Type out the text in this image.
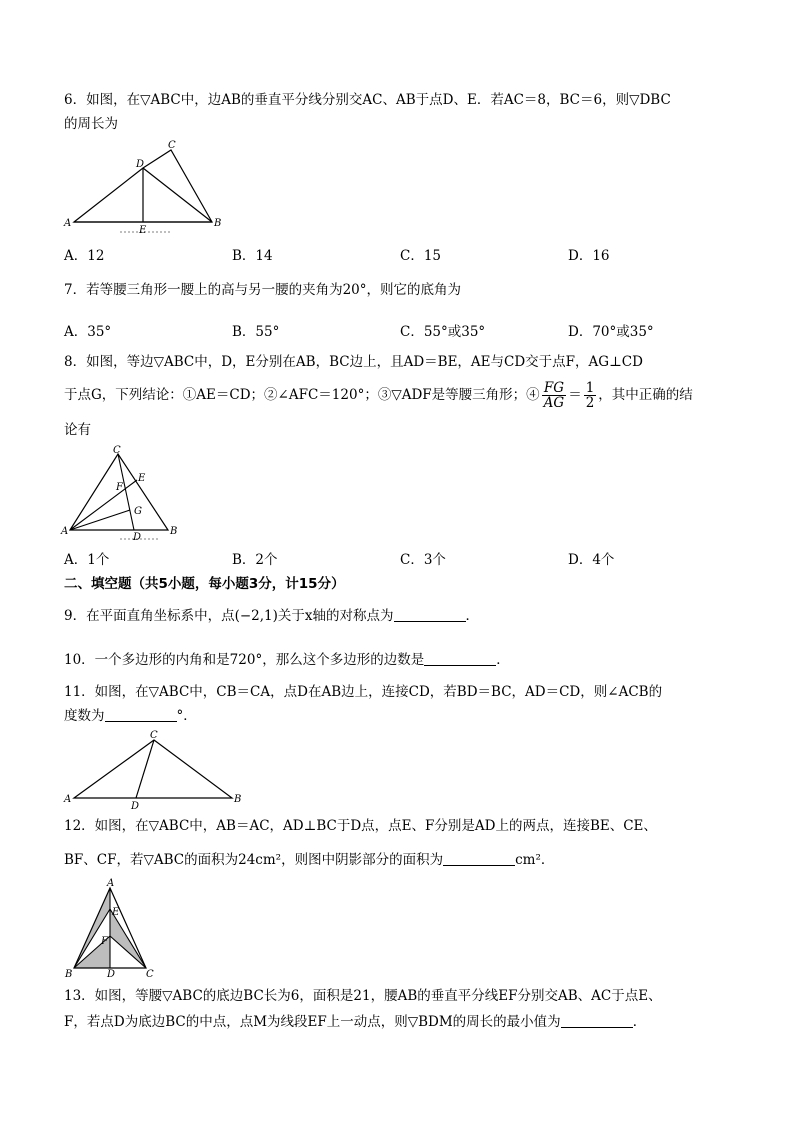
6．如图，在▽ABC中，边AB的垂直平分线分别交AC、AB于点D、E．若AC＝8，BC＝6，则▽DBC
的周长为
A	B
C
D
E
A．12	B．14	C．15	D．16
7．若等腰三角形一腰上的高与另一腰的夹角为20°，则它的底角为
A．35°	B．55°	C．55°或35°	D．70°或35°
8．如图，等边▽ABC中，D，E分别在AB，BC边上，且AD＝BE，AE与CD交于点F，AG⊥CD
于点G，下列结论：①AE＝CD；②∠AFC＝120°；③▽ADF是等腰三角形；④ $\frac{FG}{AG} = \frac{1}{2}$ ，其中正确的结
论有
A	B
C
D
E
F
G
A．1个	B．2个	C．3个	D．4个
二、填空题（共5小题，每小题3分，计15分）
9．在平面直角坐标系中，点(−2,1)关于x轴的对称点为	．
10．一个多边形的内角和是720°，那么这个多边形的边数是	．
11．如图，在▽ABC中，CB＝CA，点D在AB边上，连接CD，若BD＝BC，AD＝CD，则∠ACB的
度数为	°．
A	B
C
D
12．如图，在▽ABC中，AB＝AC，AD⊥BC于D点，点E、F分别是AD上的两点，连接BE、CE、
BF、CF，若▽ABC的面积为24cm²，则图中阴影部分的面积为	cm²．
A
B	C
D
E
F
13．如图，等腰▽ABC的底边BC长为6，面积是21，腰AB的垂直平分线EF分别交AB、AC于点E、
F，若点D为底边BC的中点，点M为线段EF上一动点，则▽BDM的周长的最小值为	．
